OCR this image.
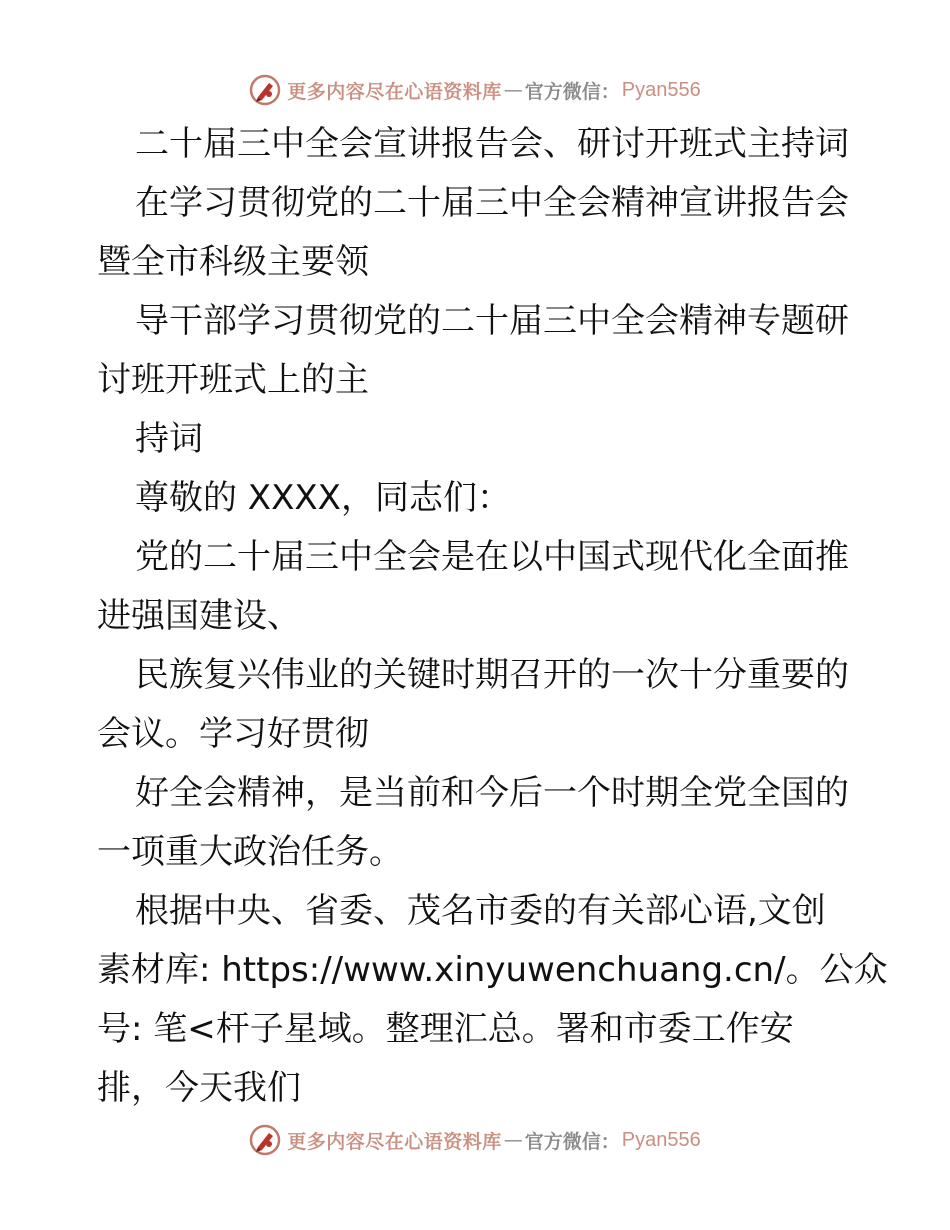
更多内容尽在心语资料库 — 官方微信： Pyan556
二十届三中全会宣讲报告会、研讨开班式主持词
在学习贯彻党的二十届三中全会精神宣讲报告会
暨全市科级主要领
导干部学习贯彻党的二十届三中全会精神专题研
讨班开班式上的主
持词
尊敬的 XXXX，同志们：
党的二十届三中全会是在以中国式现代化全面推
进强国建设、
民族复兴伟业的关键时期召开的一次十分重要的
会议。学习好贯彻
好全会精神，是当前和今后一个时期全党全国的
一项重大政治任务。
根据中央、省委、茂名市委的有关部心语,文创
素材库: https://www.xinyuwenchuang.cn/。公众
号: 笔<杆子星域。整理汇总。署和市委工作安
排，今天我们
更多内容尽在心语资料库 — 官方微信： Pyan556
